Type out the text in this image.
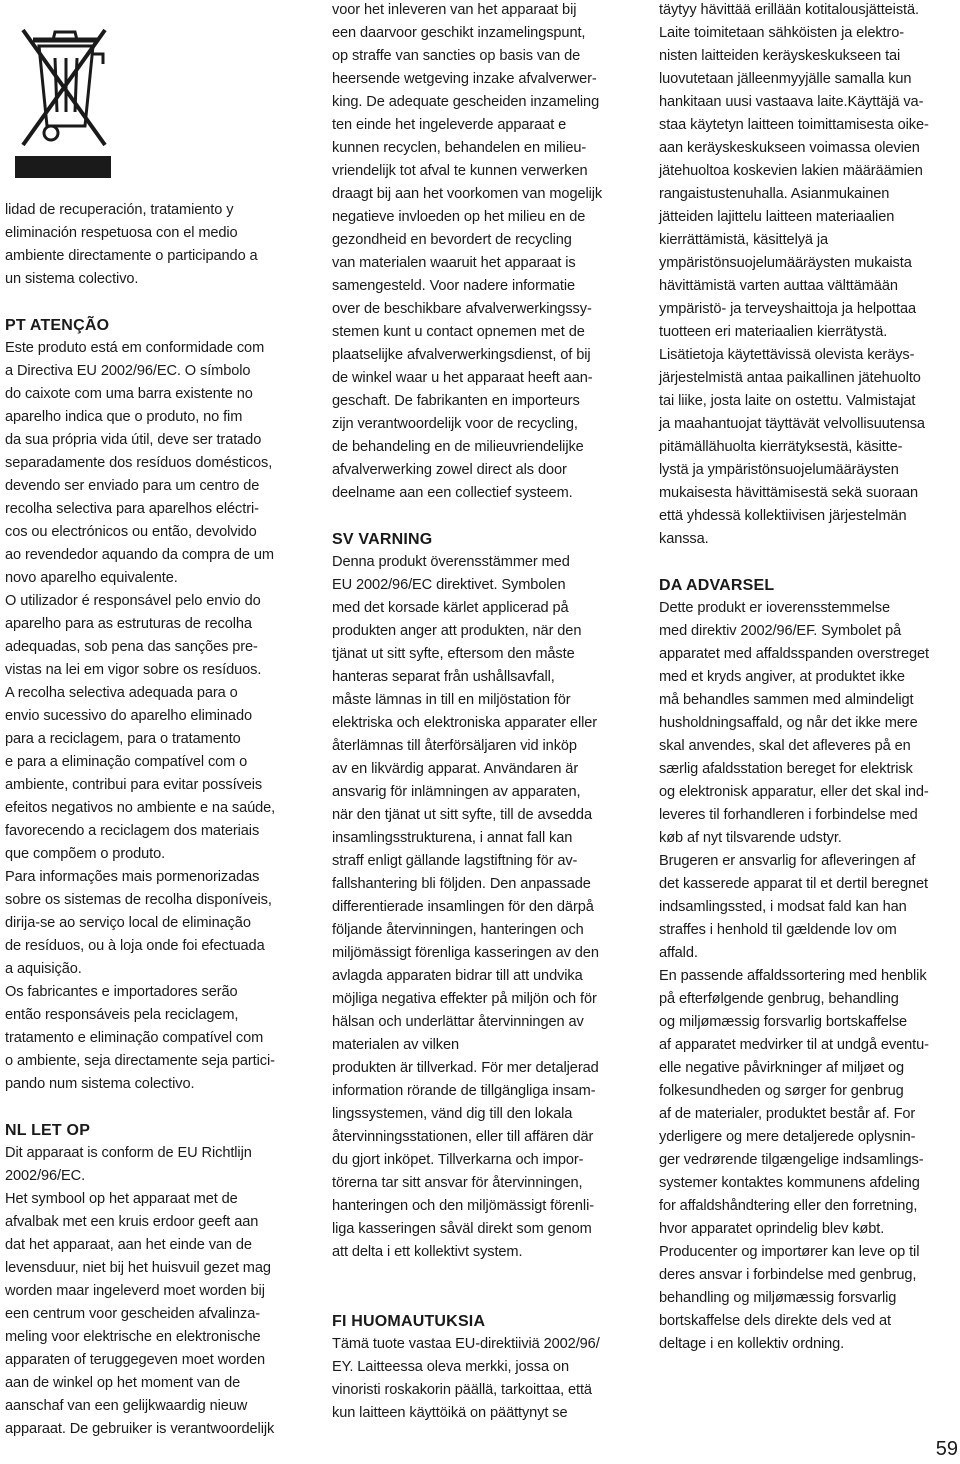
lidad de recuperación, tratamiento y
eliminación respetuosa con el medio
ambiente directamente o participando a
un sistema colectivo.
PT ATENÇÃO
Este produto está em conformidade com
a Directiva EU 2002/96/EC. O símbolo
do caixote com uma barra existente no
aparelho indica que o produto, no fim
da sua própria vida útil, deve ser tratado
separadamente dos resíduos domésticos,
devendo ser enviado para um centro de
recolha selectiva para aparelhos eléctri-
cos ou electrónicos ou então, devolvido
ao revendedor aquando da compra de um
novo aparelho equivalente.
O utilizador é responsável pelo envio do
aparelho para as estruturas de recolha
adequadas, sob pena das sanções pre-
vistas na lei em vigor sobre os resíduos.
A recolha selectiva adequada para o
envio sucessivo do aparelho eliminado
para a reciclagem, para o tratamento
e para a eliminação compatível com o
ambiente, contribui para evitar possíveis
efeitos negativos no ambiente e na saúde,
favorecendo a reciclagem dos materiais
que compõem o produto.
Para informações mais pormenorizadas
sobre os sistemas de recolha disponíveis,
dirija-se ao serviço local de eliminação
de resíduos, ou à loja onde foi efectuada
a aquisição.
Os fabricantes e importadores serão
então responsáveis pela reciclagem,
tratamento e eliminação compatível com
o ambiente, seja directamente seja partici-
pando num sistema colectivo.
NL LET OP
Dit apparaat is conform de EU Richtlijn
2002/96/EC.
Het symbool op het apparaat met de
afvalbak met een kruis erdoor geeft aan
dat het apparaat, aan het einde van de
levensduur, niet bij het huisvuil gezet mag
worden maar ingeleverd moet worden bij
een centrum voor gescheiden afvalinza-
meling voor elektrische en elektronische
apparaten of teruggegeven moet worden
aan de winkel op het moment van de
aanschaf van een gelijkwaardig nieuw
apparaat. De gebruiker is verantwoordelijk
voor het inleveren van het apparaat bij
een daarvoor geschikt inzamelingspunt,
op straffe van sancties op basis van de
heersende wetgeving inzake afvalverwer-
king. De adequate gescheiden inzameling
ten einde het ingeleverde apparaat e
kunnen recyclen, behandelen en milieu-
vriendelijk tot afval te kunnen verwerken
draagt bij aan het voorkomen van mogelijk
negatieve invloeden op het milieu en de
gezondheid en bevordert de recycling
van materialen waaruit het apparaat is
samengesteld. Voor nadere informatie
over de beschikbare afvalverwerkingssy-
stemen kunt u contact opnemen met de
plaatselijke afvalverwerkingsdienst, of bij
de winkel waar u het apparaat heeft aan-
geschaft. De fabrikanten en importeurs
zijn verantwoordelijk voor de recycling,
de behandeling en de milieuvriendelijke
afvalverwerking zowel direct als door
deelname aan een collectief systeem.
SV VARNING
Denna produkt överensstämmer med
EU 2002/96/EC direktivet. Symbolen
med det korsade kärlet applicerad på
produkten anger att produkten, när den
tjänat ut sitt syfte, eftersom den måste
hanteras separat från ushållsavfall,
måste lämnas in till en miljöstation för
elektriska och elektroniska apparater eller
återlämnas till återförsäljaren vid inköp
av en likvärdig apparat. Användaren är
ansvarig för inlämningen av apparaten,
när den tjänat ut sitt syfte, till de avsedda
insamlingsstrukturena, i annat fall kan
straff enligt gällande lagstiftning för av-
fallshantering bli följden. Den anpassade
differentierade insamlingen för den därpå
följande återvinningen, hanteringen och
miljömässigt förenliga kasseringen av den
avlagda apparaten bidrar till att undvika
möjliga negativa effekter på miljön och för
hälsan och underlättar återvinningen av
materialen av vilken
produkten är tillverkad. För mer detaljerad
information rörande de tillgängliga insam-
lingssystemen, vänd dig till den lokala
återvinningsstationen, eller till affären där
du gjort inköpet. Tillverkarna och impor-
törerna tar sitt ansvar för återvinningen,
hanteringen och den miljömässigt förenli-
liga kasseringen såväl direkt som genom
att delta i ett kollektivt system.
FI HUOMAUTUKSIA
Tämä tuote vastaa EU-direktiiviä 2002/96/
EY. Laitteessa oleva merkki, jossa on
vinoristi roskakorin päällä, tarkoittaa, että
kun laitteen käyttöikä on päättynyt se
täytyy hävittää erillään kotitalousjätteistä.
Laite toimitetaan sähköisten ja elektro-
nisten laitteiden keräyskeskukseen tai
luovutetaan jälleenmyyjälle samalla kun
hankitaan uusi vastaava laite.Käyttäjä va-
staa käytetyn laitteen toimittamisesta oike-
aan keräyskeskukseen voimassa olevien
jätehuoltoa koskevien lakien määräämien
rangaistustenuhalla. Asianmukainen
jätteiden lajittelu laitteen materiaalien
kierrättämistä, käsittelyä ja
ympäristönsuojelumääräysten mukaista
hävittämistä varten auttaa välttämään
ympäristö- ja terveyshaittoja ja helpottaa
tuotteen eri materiaalien kierrätystä.
Lisätietoja käytettävissä olevista keräys-
järjestelmistä antaa paikallinen jätehuolto
tai liike, josta laite on ostettu. Valmistajat
ja maahantuojat täyttävät velvollisuutensa
pitämällähuolta kierrätyksestä, käsitte-
lystä ja ympäristönsuojelumääräysten
mukaisesta hävittämisestä sekä suoraan
että yhdessä kollektiivisen järjestelmän
kanssa.
DA ADVARSEL
Dette produkt er ioverensstemmelse
med direktiv 2002/96/EF. Symbolet på
apparatet med affaldsspanden overstreget
med et kryds angiver, at produktet ikke
må behandles sammen med almindeligt
husholdningsaffald, og når det ikke mere
skal anvendes, skal det afleveres på en
særlig afaldsstation bereget for elektrisk
og elektronisk apparatur, eller det skal ind-
leveres til forhandleren i forbindelse med
køb af nyt tilsvarende udstyr.
Brugeren er ansvarlig for afleveringen af
det kasserede apparat til et dertil beregnet
indsamlingssted, i modsat fald kan han
straffes i henhold til gældende lov om
affald.
En passende affaldssortering med henblik
på efterfølgende genbrug, behandling
og miljømæssig forsvarlig bortskaffelse
af apparatet medvirker til at undgå eventu-
elle negative påvirkninger af miljøet og
folkesundheden og sørger for genbrug
af de materialer, produktet består af. For
yderligere og mere detaljerede oplysnin-
ger vedrørende tilgængelige indsamlings-
systemer kontaktes kommunens afdeling
for affaldshåndtering eller den forretning,
hvor apparatet oprindelig blev købt.
Producenter og importører kan leve op til
deres ansvar i forbindelse med genbrug,
behandling og miljømæssig forsvarlig
bortskaffelse dels direkte dels ved at
deltage i en kollektiv ordning.
59
